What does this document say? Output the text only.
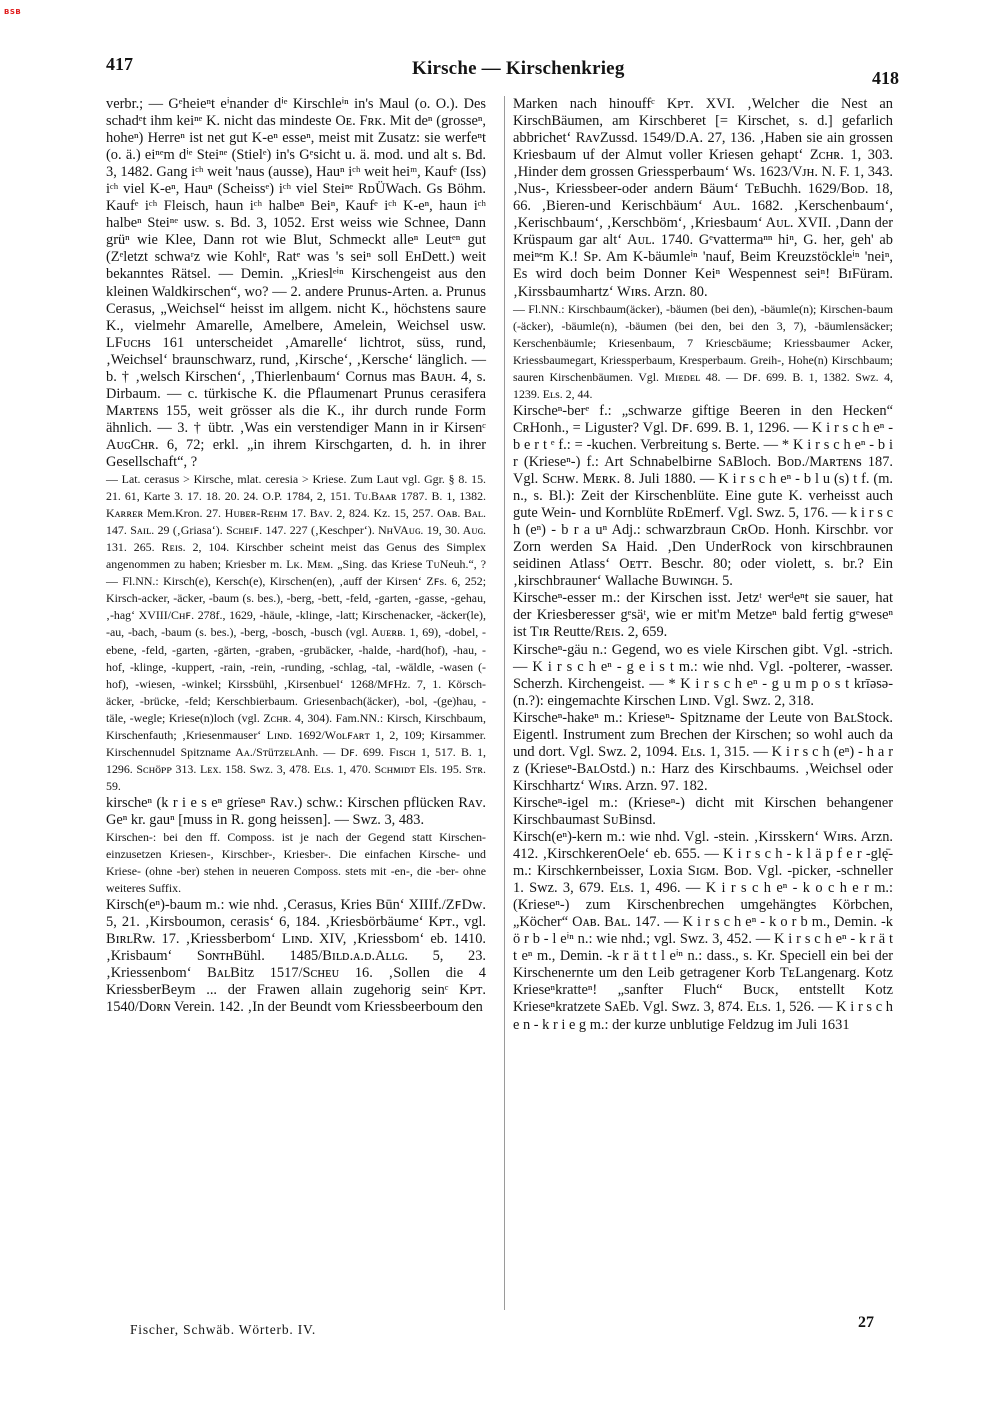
BSB
417	Kirsche — Kirschenkrieg	418

verbr.; — Gᵉheieⁿt eⁱnander dⁱᵉ Kirschleⁱⁿ in's Maul (o. O.). Des schadᵉt ihm keiⁿᵉ K. nicht das mindeste Oᴇ. Fʀᴋ. Mit deⁿ (grosseⁿ, hoheⁿ) Herreⁿ ist net gut K-eⁿ esseⁿ, meist mit Zusatz: sie werfeⁿt (o. ä.) eiⁿᵉm dⁱᵉ Steiⁿᵉ (Stielᵉ) in's Gᵉsicht u. ä. mod. und alt s. Bd. 3, 1482. Gang iᶜʰ weit 'naus (ausse), Hauⁿ iᶜʰ weit heiᵐ, Kaufᵉ (Iss) iᶜʰ viel K-eⁿ, Hauⁿ (Scheissᵉ) iᶜʰ viel Steiⁿᵉ RᴅÜWach. Gs Böhm. Kaufᵉ iᶜʰ Fleisch, haun iᶜʰ halbeⁿ Beiⁿ, Kaufᵉ iᶜʰ K-eⁿ, haun iᶜʰ halbeⁿ Steiⁿᵉ usw. s. Bd. 3, 1052. Erst weiss wie Schnee, Dann grüⁿ wie Klee, Dann rot wie Blut, Schmeckt alleⁿ Leutᵉⁿ gut (Zᵉletzt schwaʳz wie Kohlᵉ, Ratᵉ was 's seiⁿ soll EʜDett.) weit bekanntes Rätsel. — Demin. „Krieslᵉⁱⁿ Kirschengeist aus den kleinen Waldkirschen“, wo? — 2. andere Prunus-Arten. a. Prunus Cerasus, „Weichsel“ heisst im allgem. nicht K., höchstens saure K., vielmehr Amarelle, Amelbere, Amelein, Weichsel usw. LFᴜᴄʜs 161 unterscheidet ‚Amarelle‘ lichtrot, süss, rund, ‚Weichsel‘ braunschwarz, rund, ‚Kirsche‘, ‚Kersche‘ länglich. — b. † ‚welsch Kirschen‘, ‚Thierlenbaum‘ Cornus mas Bᴀᴜʜ. 4, s. Dirbaum. — c. türkische K. die Pflaumenart Prunus cerasifera Mᴀʀᴛᴇɴs 155, weit grösser als die K., ihr durch runde Form ähnlich. — 3. † übtr. ‚Was ein verstendiger Mann in ir Kirsenᶜ AᴜɢCʜʀ. 6, 72; erkl. „in ihrem Kirschgarten, d. h. in ihrer Gesellschaft“, ?

— Lat. cerasus > Kirsche, mlat. ceresia > Kriese. Zum Laut vgl. Ggr. § 8. 15. 21. 61, Karte 3. 17. 18. 20. 24. O.P. 1784, 2, 151. Tᴜ.Bᴀᴀʀ 1787. B. 1, 1382. Kᴀʀʀᴇʀ Mem.Kron. 27. Hᴜʙᴇʀ-Rᴇʜᴍ 17. Bᴀᴠ. 2, 824. Kᴢ. 15, 257. Oᴀʙ. Bᴀʟ. 147. Sᴀɪʟ. 29 (‚Griasa‘). Sᴄʜᴇɪꜰ. 147. 227 (‚Keschper‘). NʜVAᴜɢ. 19, 30. Aᴜɢ. 131. 265. Rᴇɪs. 2, 104. Kirschber scheint meist das Genus des Simplex angenommen zu haben; Kriesber m. Lᴋ. Mᴇᴍ. „Sing. das Kriese TᴜNeuh.“, ? — Fl.NN.: Kirsch(e), Kersch(e), Kirschen(en), ‚auff der Kirsen‘ Zꜰs. 6, 252; Kirsch-acker, -äcker, -baum (s. bes.), -berg, -bett, -feld, -garten, -gasse, -gehau, ‚-hag‘ XVIII/Cʜꜰ. 278f., 1629, -häule, -klinge, -latt; Kirschenacker, -äcker(le), -au, -bach, -baum (s. bes.), -berg, -bosch, -busch (vgl. Aᴜᴇʀʙ. 1, 69), -dobel, -ebene, -feld, -garten, -gärten, -graben, -grubäcker, -halde, -hard(hof), -hau, -hof, -klinge, -kuppert, -rain, -rein, -runding, -schlag, -tal, -wäldle, -wasen (-hof), -wiesen, -winkel; Kirssbühl, ‚Kirsenbuel‘ 1268/MꜰHz. 7, 1. Körsch-äcker, -brücke, -feld; Kerschbierbaum. Griesenbach(äcker), -bol, -(ge)hau, -täle, -wegle; Kriese(n)loch (vgl. Zᴄʜʀ. 4, 304). Fam.NN.: Kirsch, Kirschbaum, Kirschenfauth; ‚Kriesenmauser‘ Lɪɴᴅ. 1692/Wᴏʟꜰᴀʀᴛ 1, 2, 109; Kirsammer. Kirschennudel Spitzname Aᴀ./SᴛüᴛᴢᴇʟAnh. — Dꜰ. 699. Fɪsᴄʜ 1, 517. B. 1, 1296. Sᴄʜöᴘᴘ 313. Lᴇx. 158. Swᴢ. 3, 478. Eʟs. 1, 470. Sᴄʜᴍɪᴅᴛ Els. 195. Sᴛʀ. 59.

kirscheⁿ (k r i e s eⁿ grïeseⁿ Rᴀᴠ.) schw.: Kirschen pflücken Rᴀᴠ. Geⁿ kr. gauⁿ [muss in R. gong heissen]. — Swᴢ. 3, 483.

Kirschen-: bei den ff. Composs. ist je nach der Gegend statt Kirschen- einzusetzen Kriesen-, Kirschber-, Kriesber-. Die einfachen Kirsche- und Kriese- (ohne -ber) stehen in neueren Composs. stets mit -en-, die -ber- ohne weiteres Suffix.

Kirsch(eⁿ)-baum m.: wie nhd. ‚Cerasus, Kries Būn‘ XIIIf./ZꜰDᴡ. 5, 21. ‚Kirsboumon, cerasis‘ 6, 184. ‚Kriesbörbäume‘ Kᴘᴛ., vgl. BɪʀʟRw. 17. ‚Kriessberbom‘ Lɪɴᴅ. XIV, ‚Kriessbom‘ eb. 1410. ‚Krisbaum‘ SᴏɴᴛʜBühl. 1485/Bɪʟᴅ.ᴀ.ᴅ.Aʟʟɢ. 5, 23. ‚Kriessenbom‘ BᴀʟBitz 1517/Sᴄʜᴇᴜ 16. ‚Sollen die 4 KriessberBeym ... der Frawen allain zugehorig seinᶜ Kᴘᴛ. 1540/Dᴏʀɴ Verein. 142. ‚In der Beundt vom Kriessbeerboum den

Marken nach hinouffᶜ Kᴘᴛ. XVI. ‚Welcher die Nest an KirschBäumen, am Kirschberet [= Kirschet, s. d.] gefarlich abbrichet‘ RᴀᴠZussd. 1549/D.A. 27, 136. ‚Haben sie ain grossen Kriesbaum uf der Almut voller Kriesen gehapt‘ Zᴄʜʀ. 1, 303. ‚Hinder dem grossen Griessperbaum‘ Ws. 1623/Vᴊʜ. N. F. 1, 343. ‚Nus-, Kriessbeer-oder andern Bäum‘ TᴇBuchh. 1629/Bᴏᴅ. 18, 66. ‚Bieren-und Kerischbäum‘ Aᴜʟ. 1682. ‚Kerschenbaum‘, ‚Kerischbaum‘, ‚Kerschböm‘, ‚Kriesbaum‘ Aᴜʟ. XVII. ‚Dann der Krüspaum gar alt‘ Aᴜʟ. 1740. Gᵉvattermaⁿⁿ hiⁿ, G. her, geh' ab meiⁿᵉm K.! Sᴘ. Am K-bäumleⁱⁿ 'nauf, Beim Kreuzstöckleⁱⁿ 'neiⁿ, Es wird doch beim Donner Keiⁿ Wespennest seiⁿ! BɪFüram. ‚Kirssbaumhartz‘ Wɪʀs. Arzn. 80.

— Fl.NN.: Kirschbaum(äcker), -bäumen (bei den), -bäumle(n); Kirschen-baum (-äcker), -bäumle(n), -bäumen (bei den, bei den 3, 7), -bäumlensäcker; Kerschenbäumle; Kriesenbaum, 7 Kriescbäume; Kriessbaumer Acker, Kriessbaumegart, Kriessperbaum, Kresperbaum. Greih-, Hohe(n) Kirschbaum; sauren Kirschenbäumen. Vgl. Mɪᴇᴅᴇʟ 48. — Dꜰ. 699. B. 1, 1382. Swᴢ. 4, 1239. Eʟs. 2, 44.

Kirscheⁿ-berᵉ f.: „schwarze giftige Beeren in den Hecken“ CʀHonh., = Liguster? Vgl. Dꜰ. 699. B. 1, 1296. — K i r s c h eⁿ - b e r t ᵉ f.: = -kuchen. Verbreitung s. Berte. — * K i r s c h eⁿ - b i r (Krieseⁿ-) f.: Art Schnabelbirne SᴀBloch. Bᴏᴅ./Mᴀʀᴛᴇɴs 187. Vgl. Sᴄʜᴡ. Mᴇʀᴋ. 8. Juli 1880. — K i r s c h eⁿ - b l u (s) t f. (m. n., s. Bl.): Zeit der Kirschenblüte. Eine gute K. verheisst auch gute Wein- und Kornblüte RᴅEmerf. Vgl. Swᴢ. 5, 176. — k i r s c h (eⁿ) - b r a uⁿ Adj.: schwarzbraun CʀOᴅ. Honh. Kirschbr. vor Zorn werden Sᴀ Haid. ‚Den UnderRock von kirschbraunen seidinen Atlass‘ Oᴇᴛᴛ. Beschr. 80; oder violett, s. br.? Ein ‚kirschbrauner‘ Wallache Bᴜᴡɪɴɢʜ. 5.

Kirscheⁿ-esser m.: der Kirschen isst. Jetzᵗ werᵈeⁿt sie sauer, hat der Kriesberesser gᵉsäᵗ, wie er mit'm Metzeⁿ bald fertig gᵉweseⁿ ist Tɪʀ Reutte/Rᴇɪs. 2, 659.

Kirscheⁿ-gäu n.: Gegend, wo es viele Kirschen gibt. Vgl. -strich. — K i r s c h eⁿ - g e i s t m.: wie nhd. Vgl. -polterer, -wasser. Scherzh. Kirchengeist. — * K i r s c h eⁿ - g u m p o s t krīəsə- (n.?): eingemachte Kirschen Lɪɴᴅ. Vgl. Swᴢ. 2, 318.

Kirscheⁿ-hakeⁿ m.: Krieseⁿ- Spitzname der Leute von BᴀʟStock. Eigentl. Instrument zum Brechen der Kirschen; so wohl auch da und dort. Vgl. Swᴢ. 2, 1094. Eʟs. 1, 315. — K i r s c h (eⁿ) - h a r z (Krieseⁿ-BᴀʟOstd.) n.: Harz des Kirschbaums. ‚Weichsel oder Kirschhartz‘ Wɪʀs. Arzn. 97. 182.

Kirscheⁿ-igel m.: (Krieseⁿ-) dicht mit Kirschen behangener Kirschbaumast SᴜBinsd.

Kirsch(eⁿ)-kern m.: wie nhd. Vgl. -stein. ‚Kirsskern‘ Wɪʀs. Arzn. 412. ‚KirschkerenOele‘ eb. 655. — K i r s c h - k l ä p f e r -glę̄- m.: Kirschkernbeisser, Loxia Sɪɢᴍ. Bᴏᴅ. Vgl. -picker, -schneller 1. Swᴢ. 3, 679. Eʟs. 1, 496. — K i r s c h eⁿ - k o c h e r m.: (Krieseⁿ-) zum Kirschenbrechen umgehängtes Körbchen, „Köcher“ Oᴀʙ. Bᴀʟ. 147. — K i r s c h eⁿ - k o r b m., Demin. -k ö r b - l eⁱⁿ n.: wie nhd.; vgl. Swᴢ. 3, 452. — K i r s c h eⁿ - k r ä t t eⁿ m., Demin. -k r ä t t l eⁱⁿ n.: dass., s. Kr. Speciell ein bei der Kirschenernte um den Leib getragener Korb TᴇLangenarg. Kotz Krieseⁿkratteⁿ! „sanfter Fluch“ Bᴜᴄᴋ, entstellt Kotz Krieseⁿkratzete SᴀEb. Vgl. Swᴢ. 3, 874. Eʟs. 1, 526. — K i r s c h e n - k r i e g m.: der kurze unblutige Feldzug im Juli 1631

Fischer, Schwäb. Wörterb. IV.	27
